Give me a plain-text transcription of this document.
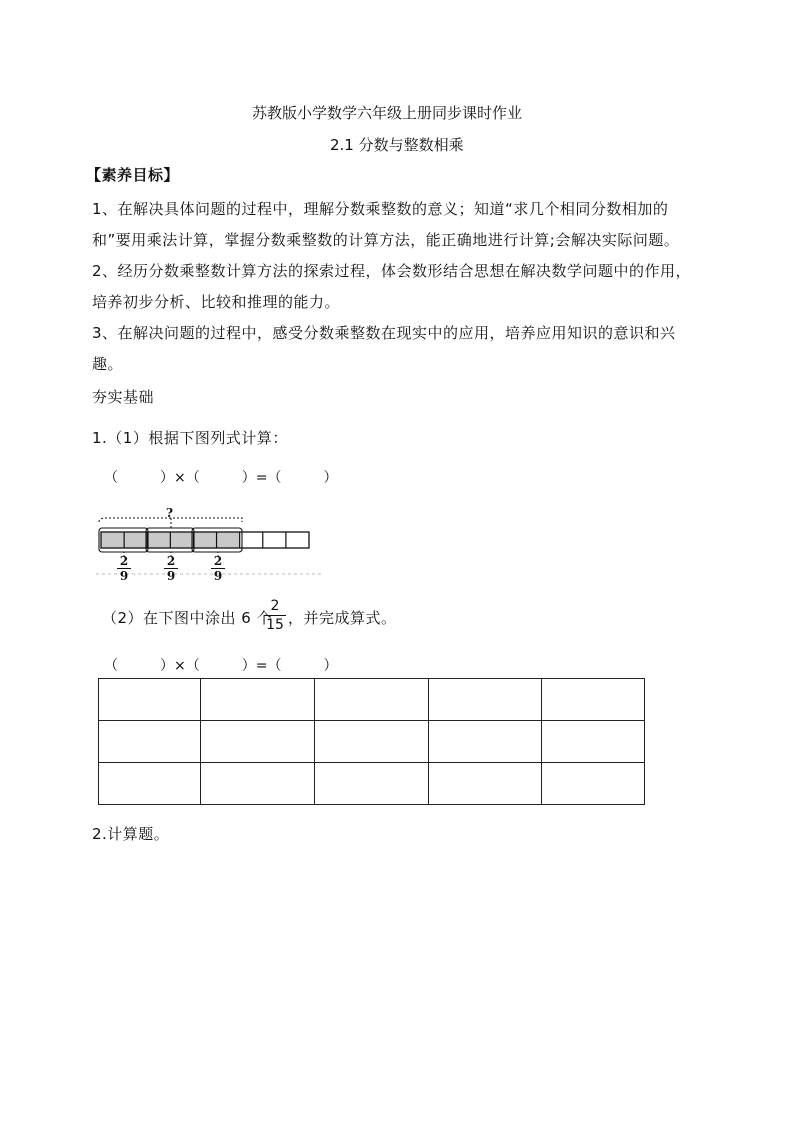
苏教版小学数学六年级上册同步课时作业
2.1 分数与整数相乘
【素养目标】
1、在解决具体问题的过程中，理解分数乘整数的意义；知道“求几个相同分数相加的
和”要用乘法计算，掌握分数乘整数的计算方法，能正确地进行计算;会解决实际问题。
2、经历分数乘整数计算方法的探索过程，体会数形结合思想在解决数学问题中的作用，
培养初步分析、比较和推理的能力。
3、在解决问题的过程中，感受分数乘整数在现实中的应用，培养应用知识的意识和兴
趣。
夯实基础
1.（1）根据下图列式计算：
（　　　）×（　　　）=（　　　）
?
2
9
2
9
2
9
（2）在下图中涂出 6 个
2
15 ，并完成算式。
（　　　）×（　　　）=（　　　）

2.计算题。
